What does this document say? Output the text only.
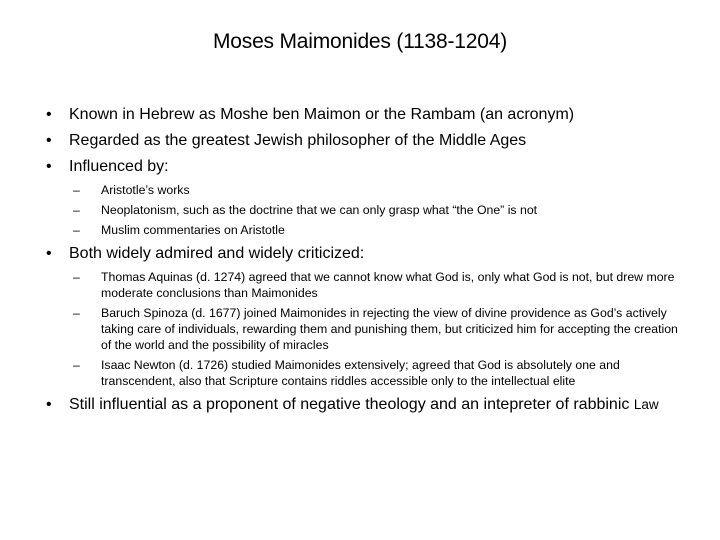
Moses Maimonides (1138-1204)
• Known in Hebrew as Moshe ben Maimon or the Rambam (an acronym)
• Regarded as the greatest Jewish philosopher of the Middle Ages
• Influenced by:
– Aristotle’s works
– Neoplatonism, such as the doctrine that we can only grasp what “the One” is not
– Muslim commentaries on Aristotle
• Both widely admired and widely criticized:
– Thomas Aquinas (d. 1274) agreed that we cannot know what God is, only what God is not, but drew more moderate conclusions than Maimonides
– Baruch Spinoza (d. 1677) joined Maimonides in rejecting the view of divine providence as God’s actively taking care of individuals, rewarding them and punishing them, but criticized him for accepting the creation of the world and the possibility of miracles
– Isaac Newton (d. 1726) studied Maimonides extensively; agreed that God is absolutely one and transcendent, also that Scripture contains riddles accessible only to the intellectual elite
• Still influential as a proponent of negative theology and an intepreter of rabbinic Law
